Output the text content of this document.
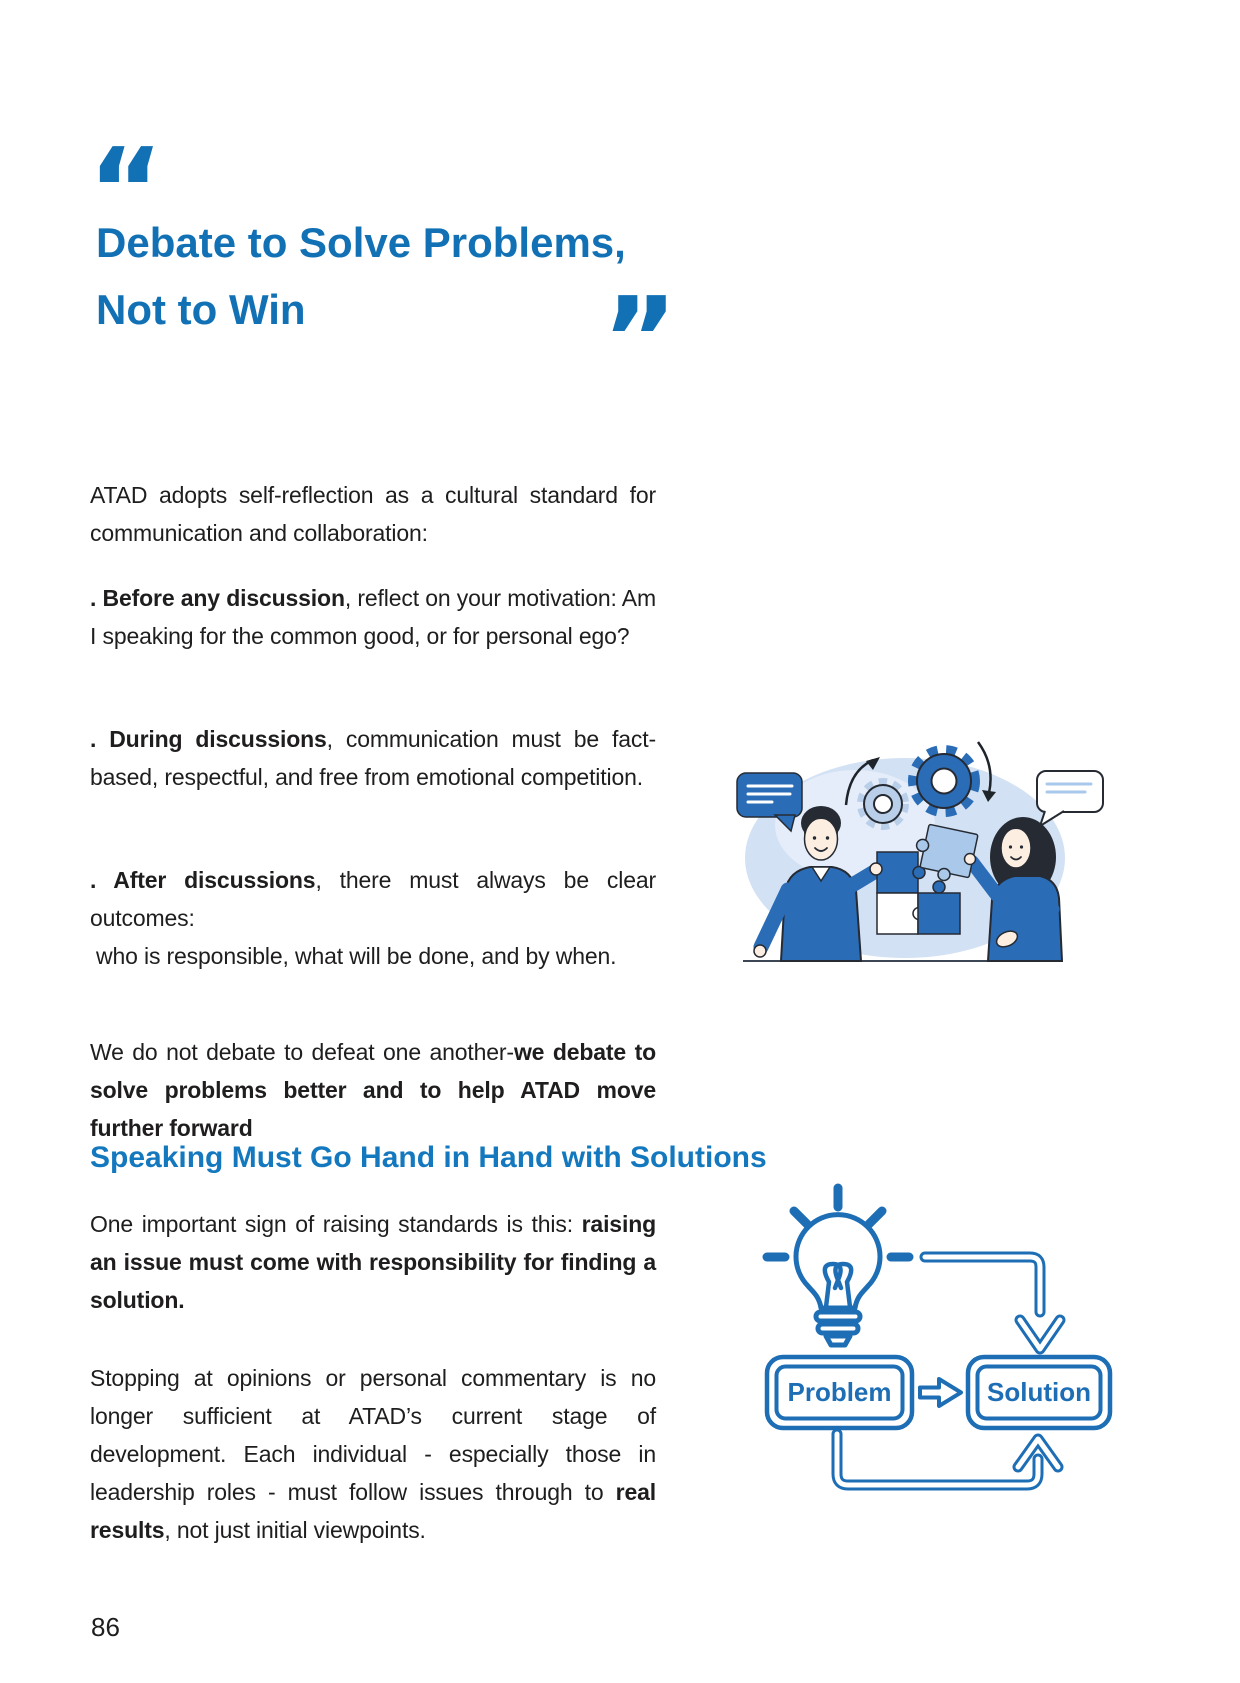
“
Debate to Solve Problems,
Not to Win	”
ATAD adopts self-reflection as a cultural standard for communication and collaboration:
. Before any discussion, reflect on your motivation: Am I speaking for the common good, or for personal ego?
. During discussions, communication must be fact-based, respectful, and free from emotional competition.
. After discussions, there must always be clear outcomes:
who is responsible, what will be done, and by when.
We do not debate to defeat one another-we debate to solve problems better and to help ATAD move further forward
Speaking Must Go Hand in Hand with Solutions
One important sign of raising standards is this: raising an issue must come with responsibility for finding a solution.
Stopping at opinions or personal commentary is no longer sufficient at ATAD’s current stage of development. Each individual - especially those in leadership roles - must follow issues through to real results, not just initial viewpoints.
Problem	Solution
86
